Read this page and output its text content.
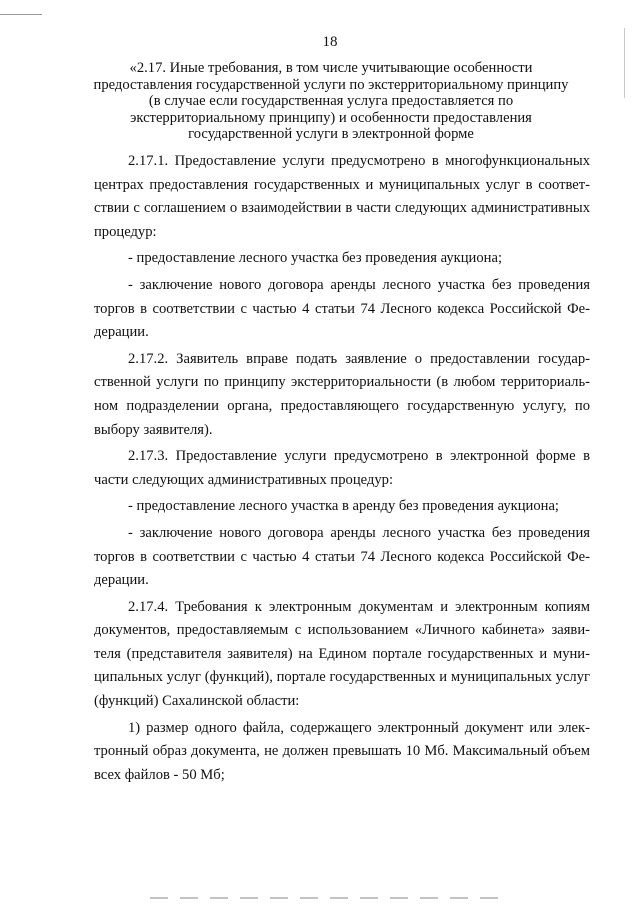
18
«2.17. Иные требования, в том числе учитывающие особенности
предоставления государственной услуги по экстерриториальному принципу
(в случае если государственная услуга предоставляется по
экстерриториальному принципу) и особенности предоставления
государственной услуги в электронной форме

2.17.1. Предоставление услуги предусмотрено в многофункциональных центрах предоставления государственных и муниципальных услуг в соответствии с соглашением о взаимодействии в части следующих административных процедур:

- предоставление лесного участка без проведения аукциона;

- заключение нового договора аренды лесного участка без проведения торгов в соответствии с частью 4 статьи 74 Лесного кодекса Российской Федерации.

2.17.2. Заявитель вправе подать заявление о предоставлении государственной услуги по принципу экстерриториальности (в любом территориальном подразделении органа, предоставляющего государственную услугу, по выбору заявителя).

2.17.3. Предоставление услуги предусмотрено в электронной форме в части следующих административных процедур:

- предоставление лесного участка в аренду без проведения аукциона;

- заключение нового договора аренды лесного участка без проведения торгов в соответствии с частью 4 статьи 74 Лесного кодекса Российской Федерации.

2.17.4. Требования к электронным документам и электронным копиям документов, предоставляемым с использованием «Личного кабинета» заявителя (представителя заявителя) на Едином портале государственных и муниципальных услуг (функций), портале государственных и муниципальных услуг (функций) Сахалинской области:

1) размер одного файла, содержащего электронный документ или электронный образ документа, не должен превышать 10 Мб. Максимальный объем всех файлов - 50 Мб;
